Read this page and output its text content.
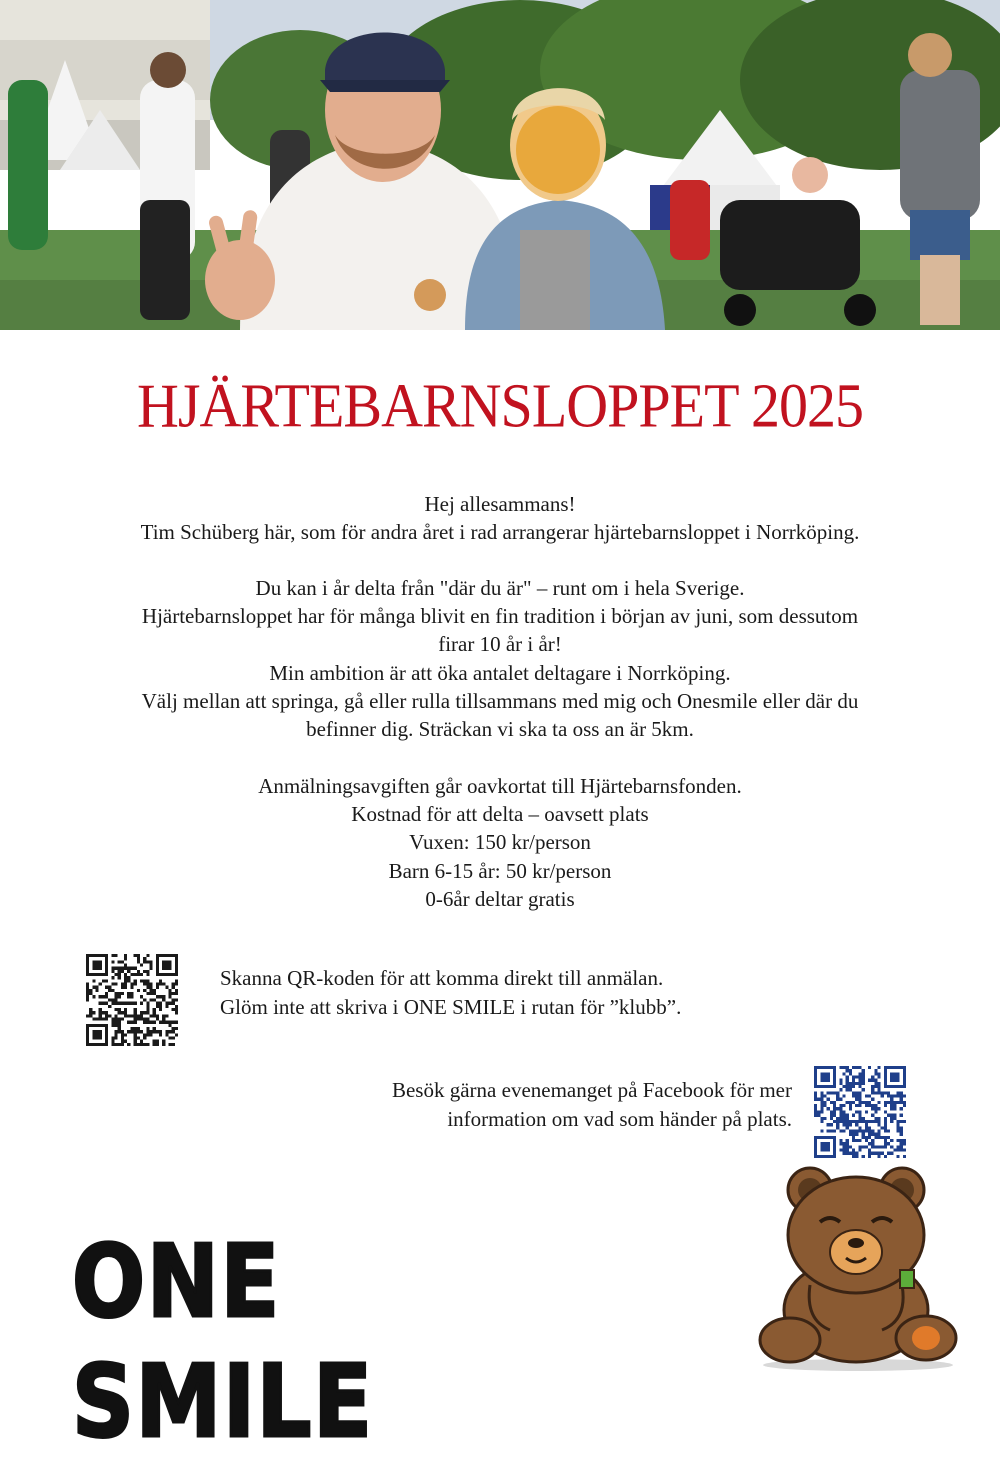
HJÄRTEBARNSLOPPET 2025

Hej allesammans!

Tim Schüberg här, som för andra året i rad arrangerar hjärtebarnsloppet i Norrköping.

Du kan i år delta från "där du är" – runt om i hela Sverige.

Hjärtebarnsloppet har för många blivit en fin tradition i början av juni, som dessutom

firar 10 år i år!

Min ambition är att öka antalet deltagare i Norrköping.

Välj mellan att springa, gå eller rulla tillsammans med mig och Onesmile eller där du

befinner dig. Sträckan vi ska ta oss an är 5km.

Anmälningsavgiften går oavkortat till Hjärtebarnsfonden.

Kostnad för att delta – oavsett plats

Vuxen: 150 kr/person

Barn 6-15 år: 50 kr/person

0-6år deltar gratis

Skanna QR-koden för att komma direkt till anmälan.

Glöm inte att skriva i ONE SMILE i rutan för ”klubb”.

Besök gärna evenemanget på Facebook för mer

information om vad som händer på plats.

ONE SMILE
